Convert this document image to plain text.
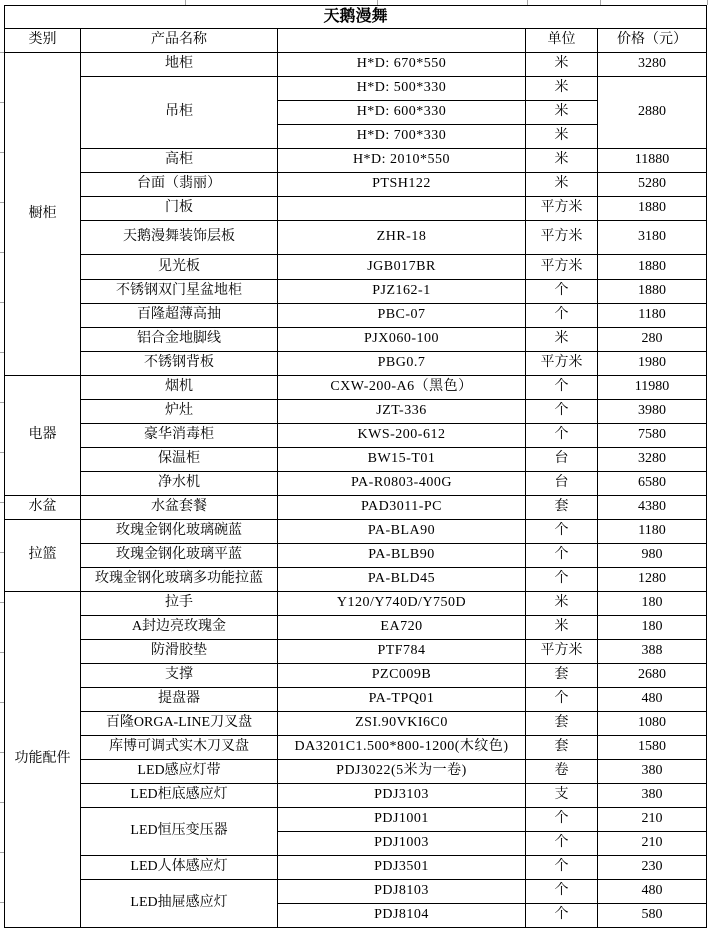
天鹅漫舞				
类别	产品名称		单位	价格（元）
橱柜	地柜	H*D: 670*550	米	3280
	吊柜	H*D: 500*330	米	2880
		H*D: 600*330	米	
		H*D: 700*330	米	
	高柜	H*D: 2010*550	米	11880
	台面（翡丽）	PTSH122	米	5280
	门板		平方米	1880
	天鹅漫舞装饰层板	ZHR-18	平方米	3180
	见光板	JGB017BR	平方米	1880
	不锈钢双门星盆地柜	PJZ162-1	个	1880
	百隆超薄高抽	PBC-07	个	1180
	铝合金地脚线	PJX060-100	米	280
	不锈钢背板	PBG0.7	平方米	1980
电器	烟机	CXW-200-A6（黑色）	个	11980
	炉灶	JZT-336	个	3980
	豪华消毒柜	KWS-200-612	个	7580
	保温柜	BW15-T01	台	3280
	净水机	PA-R0803-400G	台	6580
水盆	水盆套餐	PAD3011-PC	套	4380
拉篮	玫瑰金钢化玻璃碗蓝	PA-BLA90	个	1180
	玫瑰金钢化玻璃平蓝	PA-BLB90	个	980
	玫瑰金钢化玻璃多功能拉蓝	PA-BLD45	个	1280
功能配件	拉手	Y120/Y740D/Y750D	米	180
	A封边亮玫瑰金	EA720	米	180
	防滑胶垫	PTF784	平方米	388
	支撑	PZC009B	套	2680
	提盘器	PA-TPQ01	个	480
	百隆ORGA-LINE刀叉盘	ZSI.90VKI6C0	套	1080
	库博可调式实木刀叉盘	DA3201C1.500*800-1200(木纹色)	套	1580
	LED感应灯带	PDJ3022(5米为一卷)	卷	380
	LED柜底感应灯	PDJ3103	支	380
	LED恒压变压器	PDJ1001	个	210
		PDJ1003	个	210
	LED人体感应灯	PDJ3501	个	230
	LED抽屉感应灯	PDJ8103	个	480
		PDJ8104	个	580
